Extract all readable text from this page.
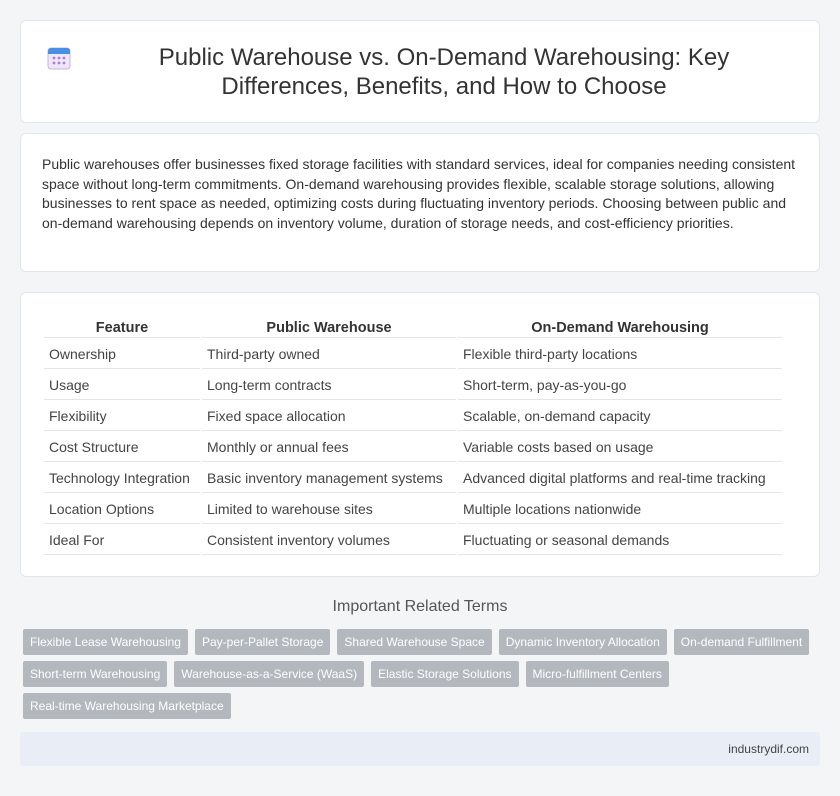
Public Warehouse vs. On-Demand Warehousing: Key Differences, Benefits, and How to Choose

Public warehouses offer businesses fixed storage facilities with standard services, ideal for companies needing consistent space without long-term commitments. On-demand warehousing provides flexible, scalable storage solutions, allowing businesses to rent space as needed, optimizing costs during fluctuating inventory periods. Choosing between public and on-demand warehousing depends on inventory volume, duration of storage needs, and cost-efficiency priorities.

Feature	Public Warehouse	On-Demand Warehousing
Ownership	Third-party owned	Flexible third-party locations
Usage	Long-term contracts	Short-term, pay-as-you-go
Flexibility	Fixed space allocation	Scalable, on-demand capacity
Cost Structure	Monthly or annual fees	Variable costs based on usage
Technology Integration	Basic inventory management systems	Advanced digital platforms and real-time tracking
Location Options	Limited to warehouse sites	Multiple locations nationwide
Ideal For	Consistent inventory volumes	Fluctuating or seasonal demands
Important Related Terms
Flexible Lease Warehousing	Pay-per-Pallet Storage	Shared Warehouse Space	Dynamic Inventory Allocation	On-demand Fulfillment
Short-term Warehousing	Warehouse-as-a-Service (WaaS)	Elastic Storage Solutions	Micro-fulfillment Centers
Real-time Warehousing Marketplace
industrydif.com
